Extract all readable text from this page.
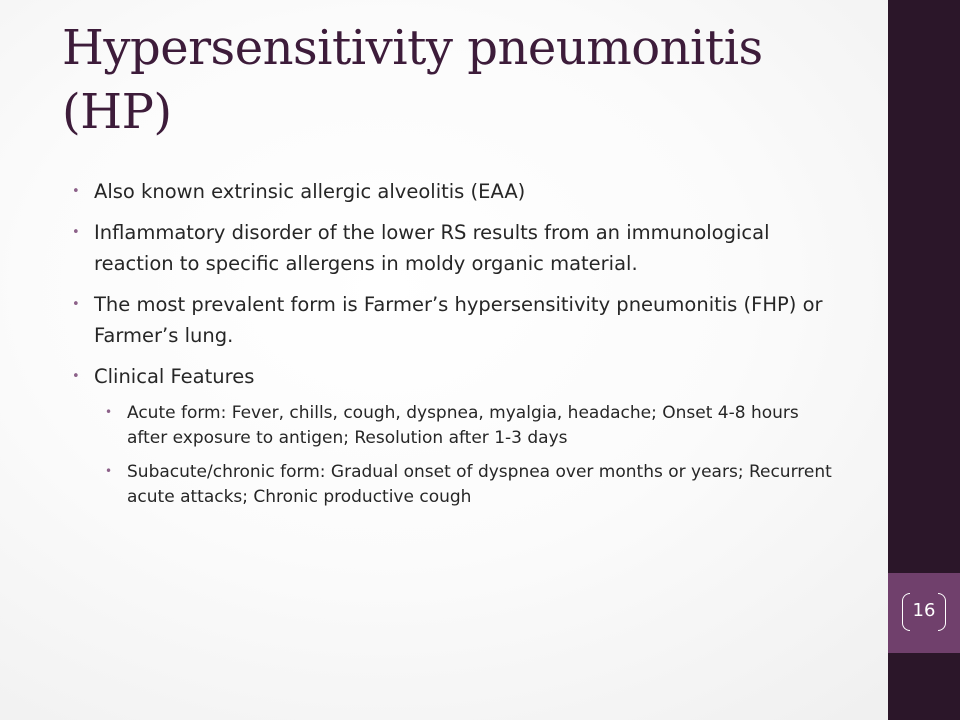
Hypersensitivity pneumonitis (HP)
• Also known extrinsic allergic alveolitis (EAA)
• Inflammatory disorder of the lower RS results from an immunological reaction to specific allergens in moldy organic material.
• The most prevalent form is Farmer’s hypersensitivity pneumonitis (FHP) or Farmer’s lung.
• Clinical Features
• Acute form: Fever, chills, cough, dyspnea, myalgia, headache; Onset 4-8 hours after exposure to antigen; Resolution after 1-3 days
• Subacute/chronic form: Gradual onset of dyspnea over months or years; Recurrent acute attacks; Chronic productive cough
16
